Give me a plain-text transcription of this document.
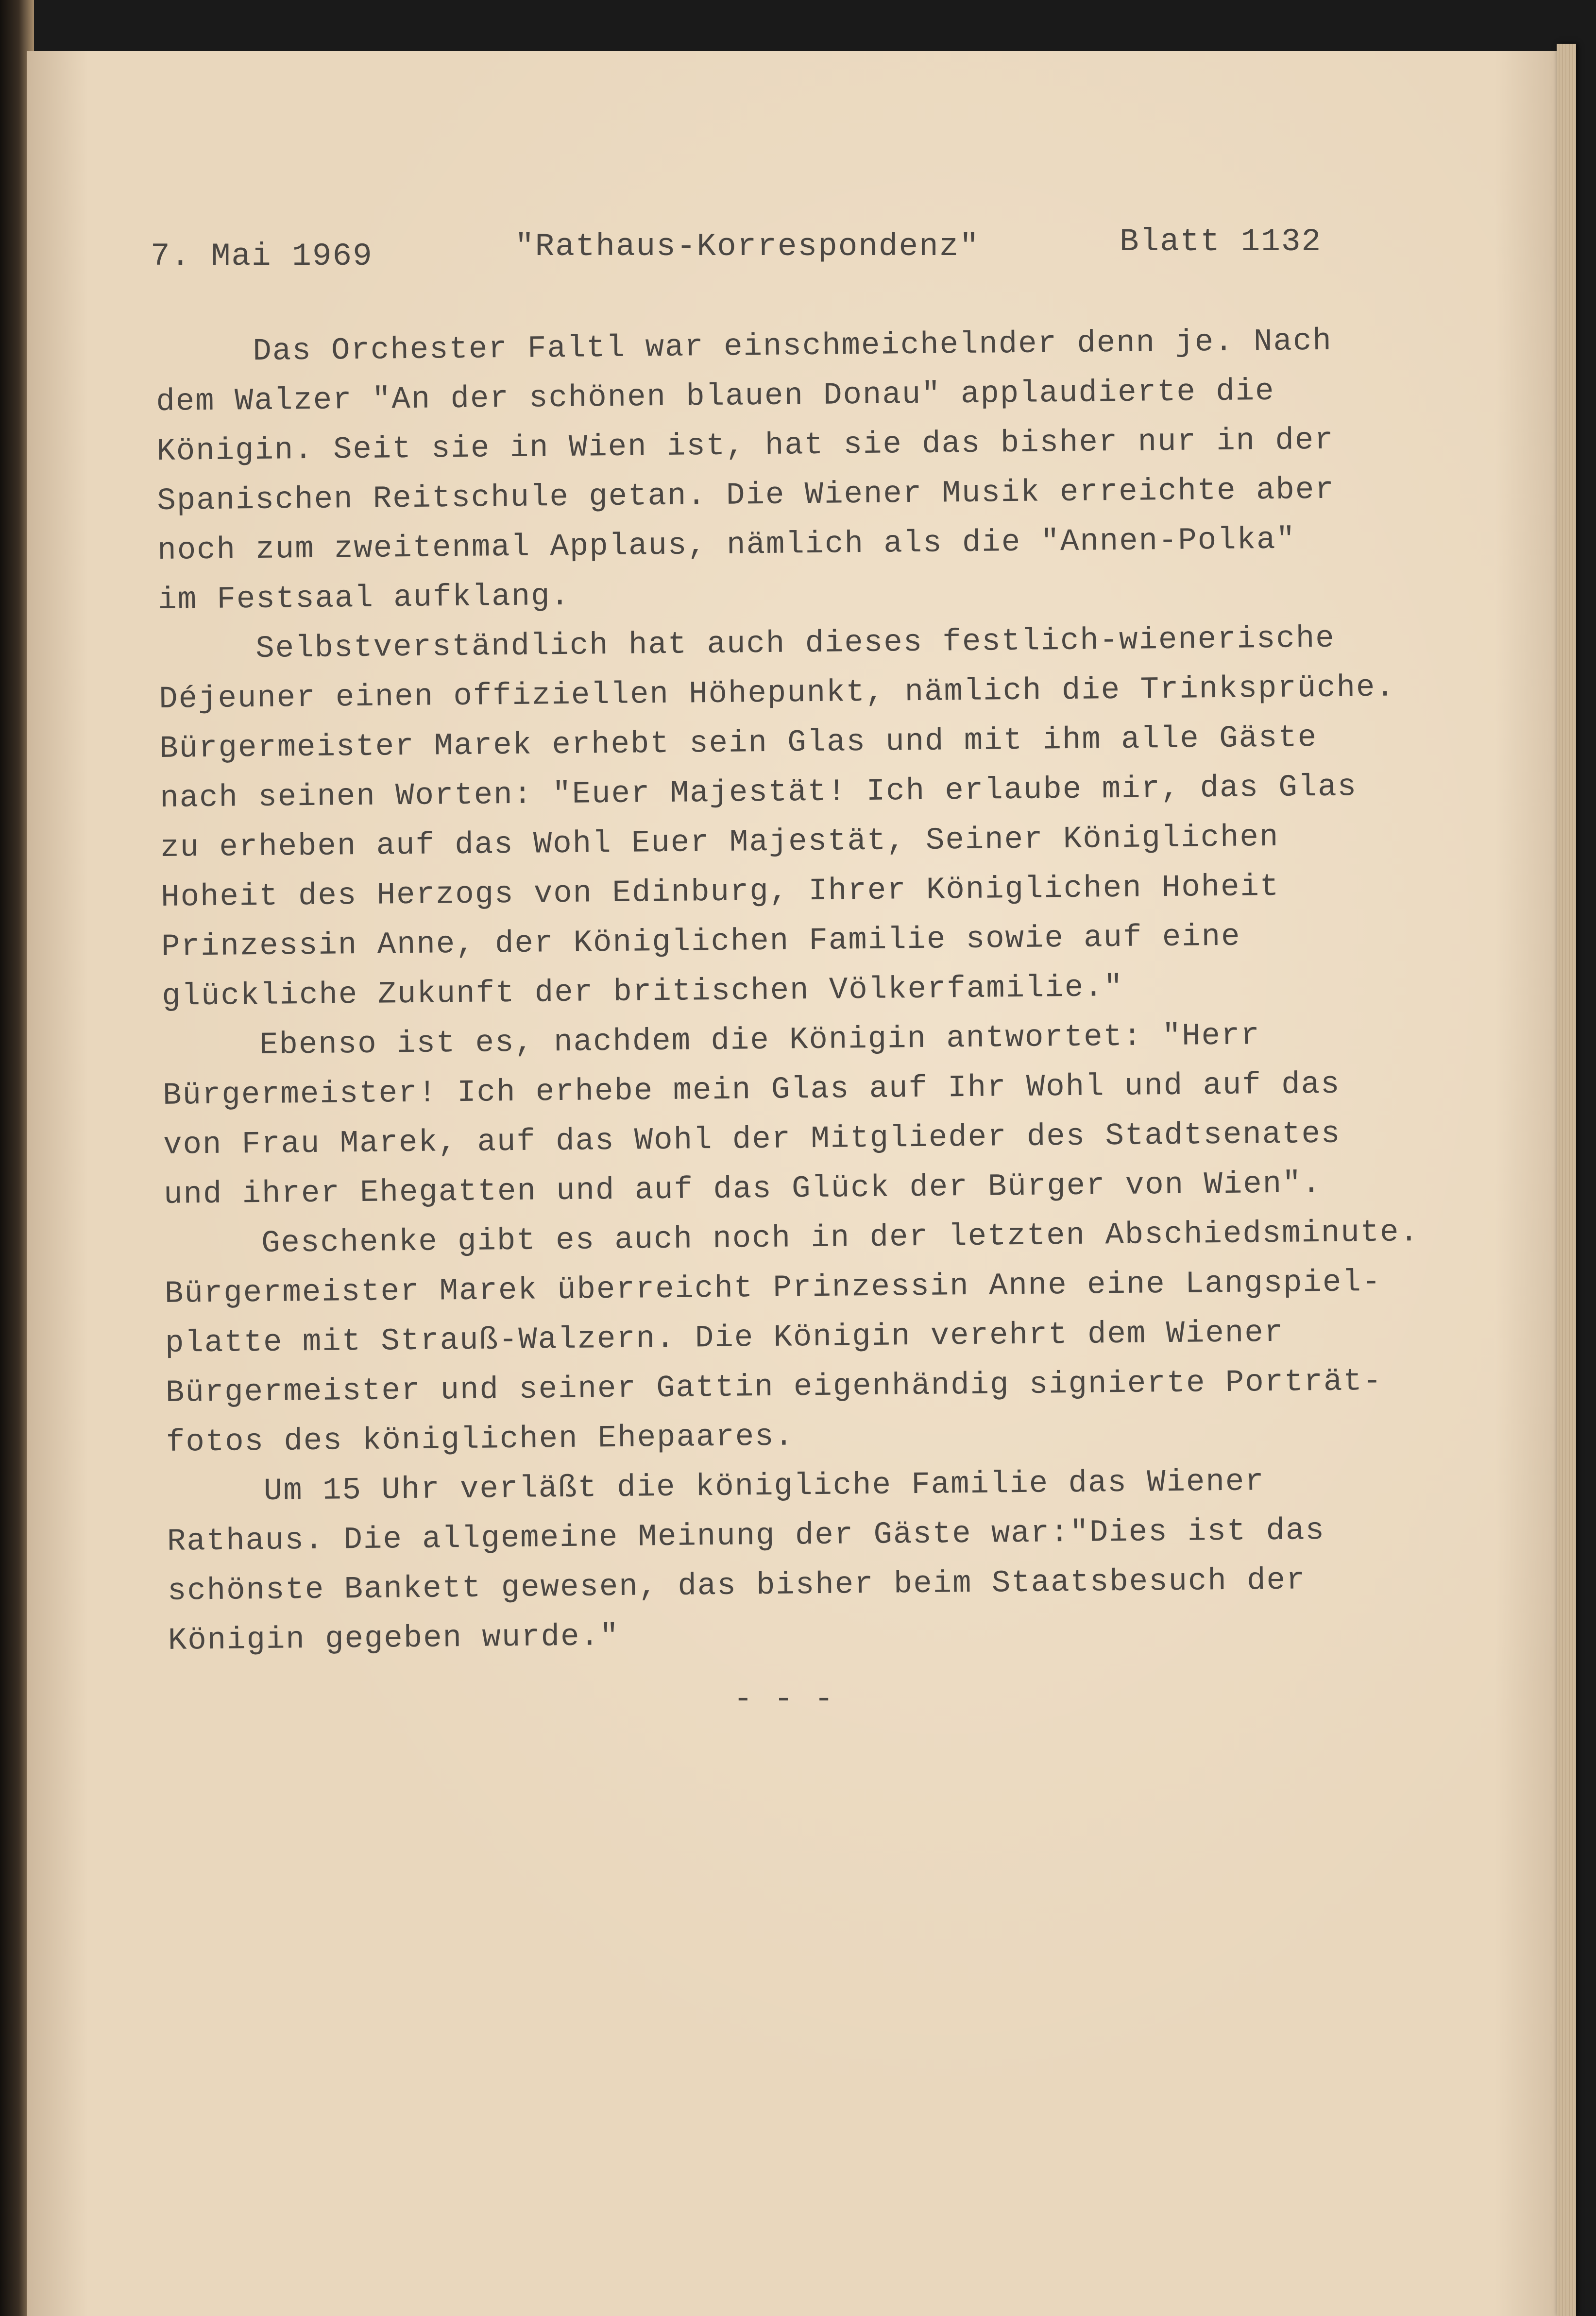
7. Mai 1969	"Rathaus-Korrespondenz"	Blatt 1132

Das Orchester Faltl war einschmeichelnder denn je. Nach
dem Walzer "An der schönen blauen Donau" applaudierte die
Königin. Seit sie in Wien ist, hat sie das bisher nur in der
Spanischen Reitschule getan. Die Wiener Musik erreichte aber
noch zum zweitenmal Applaus, nämlich als die "Annen-Polka"
im Festsaal aufklang.

Selbstverständlich hat auch dieses festlich-wienerische
Déjeuner einen offiziellen Höhepunkt, nämlich die Trinksprüche.
Bürgermeister Marek erhebt sein Glas und mit ihm alle Gäste
nach seinen Worten: "Euer Majestät! Ich erlaube mir, das Glas
zu erheben auf das Wohl Euer Majestät, Seiner Königlichen
Hoheit des Herzogs von Edinburg, Ihrer Königlichen Hoheit
Prinzessin Anne, der Königlichen Familie sowie auf eine
glückliche Zukunft der britischen Völkerfamilie."

Ebenso ist es, nachdem die Königin antwortet: "Herr
Bürgermeister! Ich erhebe mein Glas auf Ihr Wohl und auf das
von Frau Marek, auf das Wohl der Mitglieder des Stadtsenates
und ihrer Ehegatten und auf das Glück der Bürger von Wien".

Geschenke gibt es auch noch in der letzten Abschiedsminute.
Bürgermeister Marek überreicht Prinzessin Anne eine Langspiel-
platte mit Strauß-Walzern. Die Königin verehrt dem Wiener
Bürgermeister und seiner Gattin eigenhändig signierte Porträt-
fotos des königlichen Ehepaares.

Um 15 Uhr verläßt die königliche Familie das Wiener
Rathaus. Die allgemeine Meinung der Gäste war:"Dies ist das
schönste Bankett gewesen, das bisher beim Staatsbesuch der
Königin gegeben wurde."

- - -
